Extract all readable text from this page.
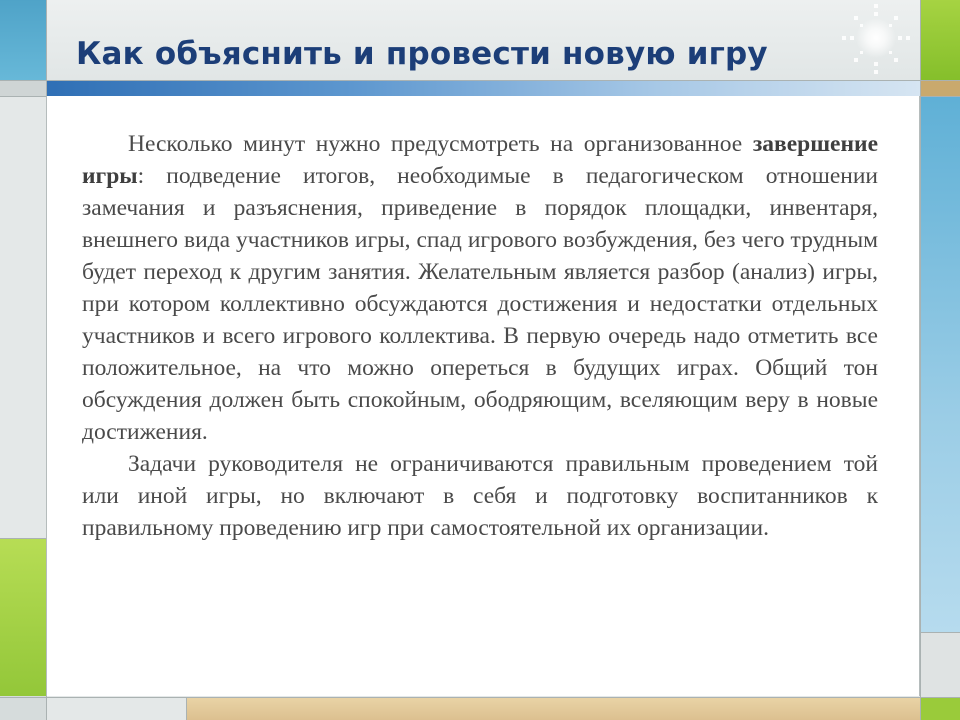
Как объяснить и провести новую игру

Несколько минут нужно предусмотреть на организованное завершение игры: подведение итогов, необходимые в педагогическом отношении замечания и разъяснения, приведение в порядок площадки, инвентаря, внешнего вида участников игры, спад игрового возбуждения, без чего трудным будет переход к другим занятия. Желательным является разбор (анализ) игры, при котором коллективно обсуждаются достижения и недостатки отдельных участников и всего игрового коллектива. В первую очередь надо отметить все положительное, на что можно опереться в будущих играх. Общий тон обсуждения должен быть спокойным, ободряющим, вселяющим веру в новые достижения.

Задачи руководителя не ограничиваются правильным проведением той или иной игры, но включают в себя и подготовку воспитанников к правильному проведению игр при самостоятельной их организации.
